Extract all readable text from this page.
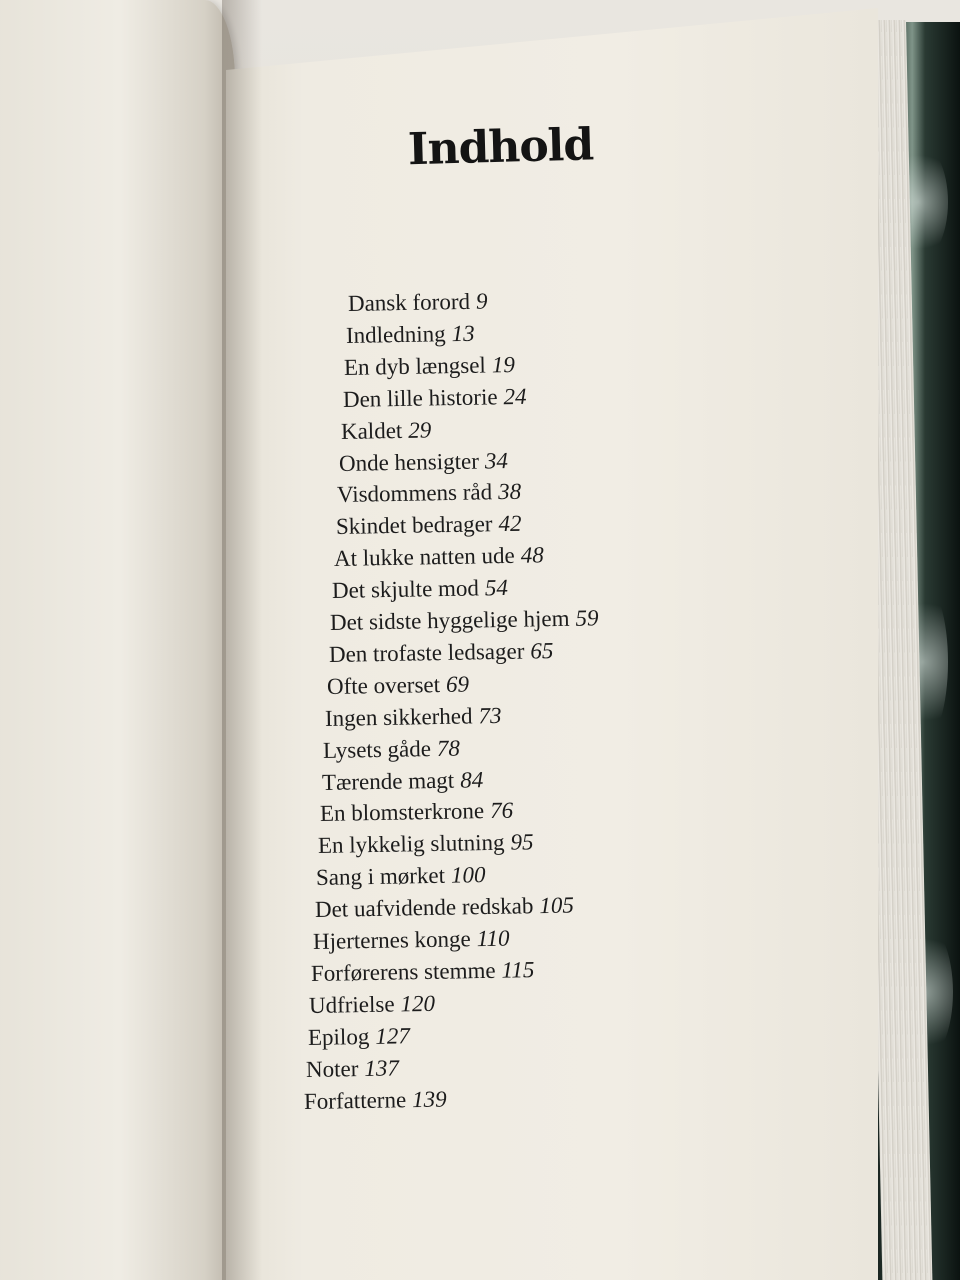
Indhold
Dansk forord 9
Indledning 13
En dyb længsel 19
Den lille historie 24
Kaldet 29
Onde hensigter 34
Visdommens råd 38
Skindet bedrager 42
At lukke natten ude 48
Det skjulte mod 54
Det sidste hyggelige hjem 59
Den trofaste ledsager 65
Ofte overset 69
Ingen sikkerhed 73
Lysets gåde 78
Tærende magt 84
En blomsterkrone 76
En lykkelig slutning 95
Sang i mørket 100
Det uafvidende redskab 105
Hjerternes konge 110
Forførerens stemme 115
Udfrielse 120
Epilog 127
Noter 137
Forfatterne 139
